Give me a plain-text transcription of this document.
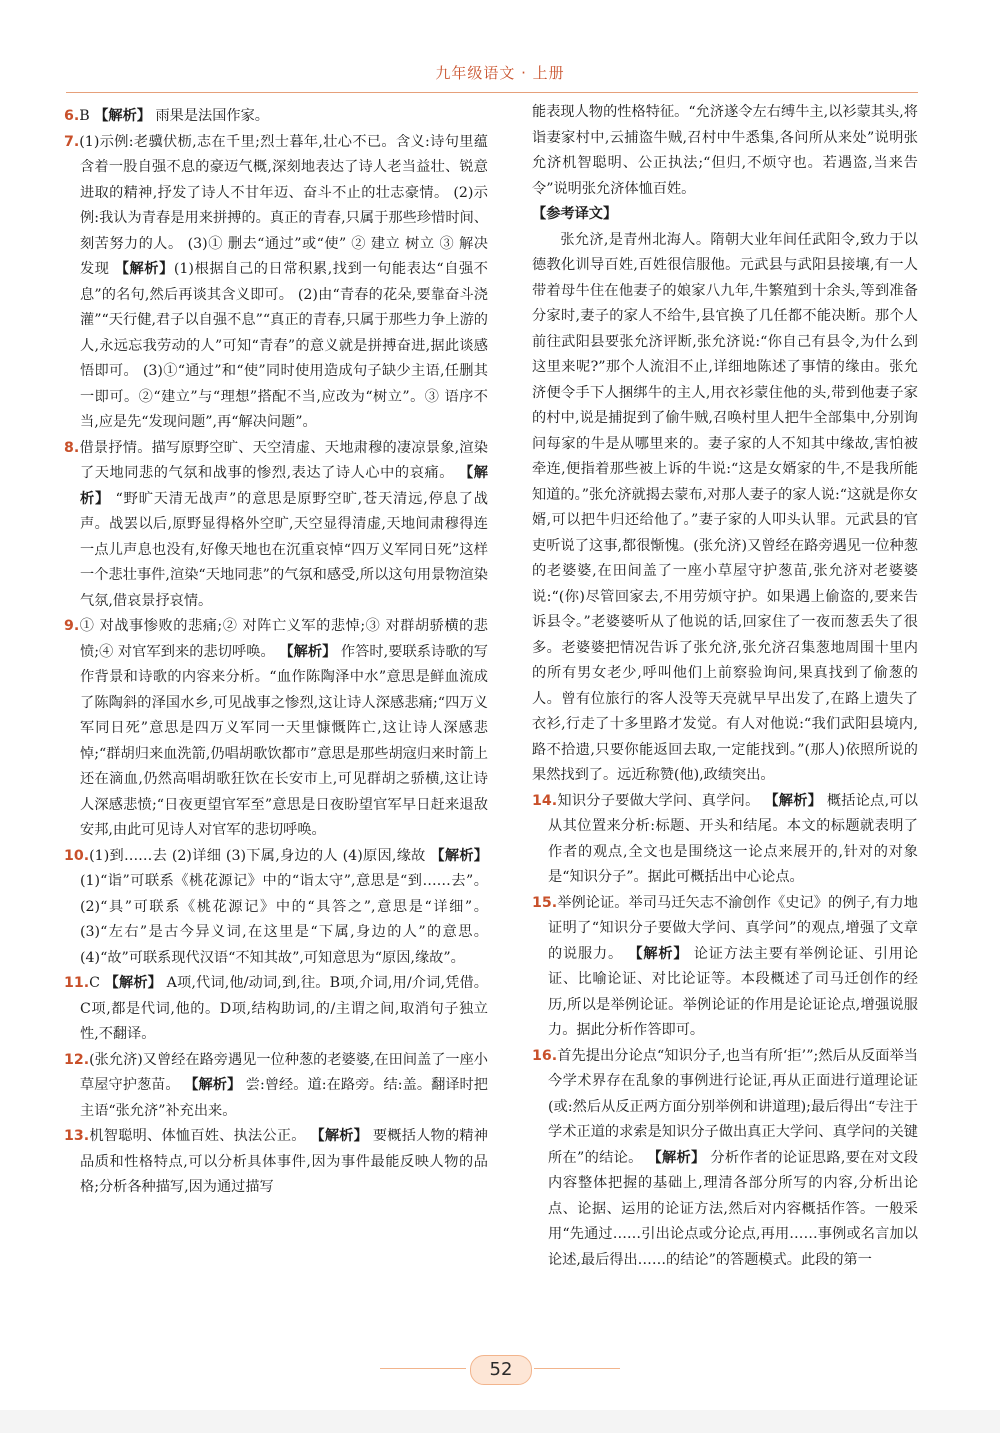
九年级语文 · 上册

6.B 【解析】 雨果是法国作家。

7.(1)示例:老骥伏枥,志在千里;烈士暮年,壮心不已。含义:诗句里蕴含着一股自强不息的豪迈气概,深刻地表达了诗人老当益壮、锐意进取的精神,抒发了诗人不甘年迈、奋斗不止的壮志豪情。 (2)示例:我认为青春是用来拼搏的。真正的青春,只属于那些珍惜时间、刻苦努力的人。 (3)① 删去“通过”或“使” ② 建立 树立 ③ 解决 发现 【解析】(1)根据自己的日常积累,找到一句能表达“自强不息”的名句,然后再谈其含义即可。 (2)由“青春的花朵,要靠奋斗浇灌”“天行健,君子以自强不息”“真正的青春,只属于那些力争上游的人,永远忘我劳动的人”可知“青春”的意义就是拼搏奋进,据此谈感悟即可。 (3)①“通过”和“使”同时使用造成句子缺少主语,任删其一即可。②“建立”与“理想”搭配不当,应改为“树立”。③ 语序不当,应是先“发现问题”,再“解决问题”。

8.借景抒情。描写原野空旷、天空清虚、天地肃穆的凄凉景象,渲染了天地同悲的气氛和战事的惨烈,表达了诗人心中的哀痛。 【解析】 “野旷天清无战声”的意思是原野空旷,苍天清远,停息了战声。战罢以后,原野显得格外空旷,天空显得清虚,天地间肃穆得连一点儿声息也没有,好像天地也在沉重哀悼“四万义军同日死”这样一个悲壮事件,渲染“天地同悲”的气氛和感受,所以这句用景物渲染气氛,借哀景抒哀情。

9.① 对战事惨败的悲痛;② 对阵亡义军的悲悼;③ 对群胡骄横的悲愤;④ 对官军到来的悲切呼唤。 【解析】 作答时,要联系诗歌的写作背景和诗歌的内容来分析。“血作陈陶泽中水”意思是鲜血流成了陈陶斜的泽国水乡,可见战事之惨烈,这让诗人深感悲痛;“四万义军同日死”意思是四万义军同一天里慷慨阵亡,这让诗人深感悲悼;“群胡归来血洗箭,仍唱胡歌饮都市”意思是那些胡寇归来时箭上还在滴血,仍然高唱胡歌狂饮在长安市上,可见群胡之骄横,这让诗人深感悲愤;“日夜更望官军至”意思是日夜盼望官军早日赶来退敌安邦,由此可见诗人对官军的悲切呼唤。

10.(1)到……去 (2)详细 (3)下属,身边的人 (4)原因,缘故 【解析】 (1)“诣”可联系《桃花源记》中的“诣太守”,意思是“到……去”。(2)“具”可联系《桃花源记》中的“具答之”,意思是“详细”。 (3)“左右”是古今异义词,在这里是“下属,身边的人”的意思。(4)“故”可联系现代汉语“不知其故”,可知意思为“原因,缘故”。

11.C 【解析】 A项,代词,他/动词,到,往。B项,介词,用/介词,凭借。C项,都是代词,他的。D项,结构助词,的/主谓之间,取消句子独立性,不翻译。

12.(张允济)又曾经在路旁遇见一位种葱的老婆婆,在田间盖了一座小草屋守护葱苗。 【解析】 尝:曾经。道:在路旁。结:盖。翻译时把主语“张允济”补充出来。

13.机智聪明、体恤百姓、执法公正。 【解析】 要概括人物的精神品质和性格特点,可以分析具体事件,因为事件最能反映人物的品格;分析各种描写,因为通过描写

能表现人物的性格特征。“允济遂令左右缚牛主,以衫蒙其头,将诣妻家村中,云捕盗牛贼,召村中牛悉集,各问所从来处”说明张允济机智聪明、公正执法;“但归,不烦守也。若遇盗,当来告令”说明张允济体恤百姓。

【参考译文】

张允济,是青州北海人。隋朝大业年间任武阳令,致力于以德教化训导百姓,百姓很信服他。元武县与武阳县接壤,有一人带着母牛住在他妻子的娘家八九年,牛繁殖到十余头,等到准备分家时,妻子的家人不给牛,县官换了几任都不能决断。那个人前往武阳县要张允济评断,张允济说:“你自己有县令,为什么到这里来呢?”那个人流泪不止,详细地陈述了事情的缘由。张允济便令手下人捆绑牛的主人,用衣衫蒙住他的头,带到他妻子家的村中,说是捕捉到了偷牛贼,召唤村里人把牛全部集中,分别询问每家的牛是从哪里来的。妻子家的人不知其中缘故,害怕被牵连,便指着那些被上诉的牛说:“这是女婿家的牛,不是我所能知道的。”张允济就揭去蒙布,对那人妻子的家人说:“这就是你女婿,可以把牛归还给他了。”妻子家的人叩头认罪。元武县的官吏听说了这事,都很惭愧。(张允济)又曾经在路旁遇见一位种葱的老婆婆,在田间盖了一座小草屋守护葱苗,张允济对老婆婆说:“(你)尽管回家去,不用劳烦守护。如果遇上偷盗的,要来告诉县令。”老婆婆听从了他说的话,回家住了一夜而葱丢失了很多。老婆婆把情况告诉了张允济,张允济召集葱地周围十里内的所有男女老少,呼叫他们上前察验询问,果真找到了偷葱的人。曾有位旅行的客人没等天亮就早早出发了,在路上遗失了衣衫,行走了十多里路才发觉。有人对他说:“我们武阳县境内,路不拾遗,只要你能返回去取,一定能找到。”(那人)依照所说的果然找到了。远近称赞(他),政绩突出。

14.知识分子要做大学问、真学问。 【解析】 概括论点,可以从其位置来分析:标题、开头和结尾。本文的标题就表明了作者的观点,全文也是围绕这一论点来展开的,针对的对象是“知识分子”。据此可概括出中心论点。

15.举例论证。举司马迁矢志不渝创作《史记》的例子,有力地证明了“知识分子要做大学问、真学问”的观点,增强了文章的说服力。 【解析】 论证方法主要有举例论证、引用论证、比喻论证、对比论证等。本段概述了司马迁创作的经历,所以是举例论证。举例论证的作用是论证论点,增强说服力。据此分析作答即可。

16.首先提出分论点“知识分子,也当有所‘拒’”;然后从反面举当今学术界存在乱象的事例进行论证,再从正面进行道理论证(或:然后从反正两方面分别举例和讲道理);最后得出“专注于学术正道的求索是知识分子做出真正大学问、真学问的关键所在”的结论。 【解析】 分析作者的论证思路,要在对文段内容整体把握的基础上,理清各部分所写的内容,分析出论点、论据、运用的论证方法,然后对内容概括作答。一般采用“先通过……引出论点或分论点,再用……事例或名言加以论述,最后得出……的结论”的答题模式。此段的第一

52
